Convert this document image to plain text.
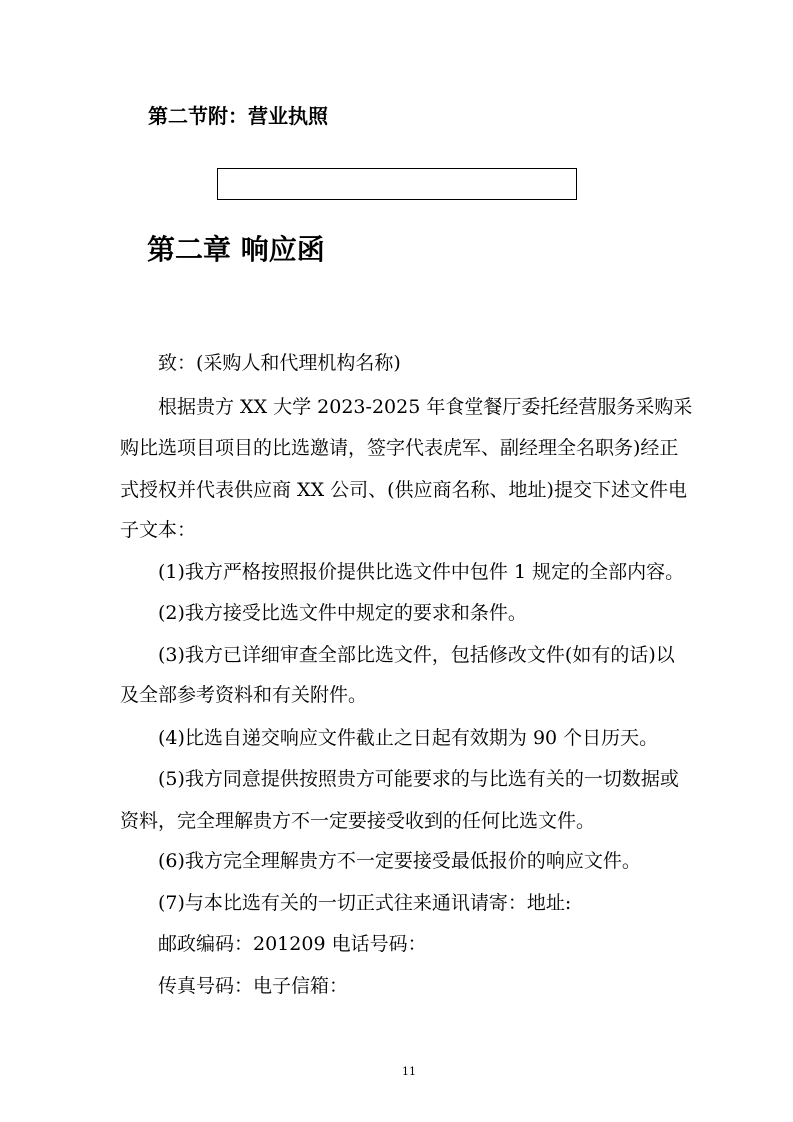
第二节附：营业执照
第二章 响应函
致：(采购人和代理机构名称)
根据贵方 XX 大学 2023-2025 年食堂餐厅委托经营服务采购采
购比选项目项目的比选邀请，签字代表虎军、副经理全名职务)经正
式授权并代表供应商 XX 公司、(供应商名称、地址)提交下述文件电
子文本：
(1)我方严格按照报价提供比选文件中包件 1 规定的全部内容。
(2)我方接受比选文件中规定的要求和条件。
(3)我方已详细审查全部比选文件，包括修改文件(如有的话)以
及全部参考资料和有关附件。
(4)比选自递交响应文件截止之日起有效期为 90 个日历天。
(5)我方同意提供按照贵方可能要求的与比选有关的一切数据或
资料，完全理解贵方不一定要接受收到的任何比选文件。
(6)我方完全理解贵方不一定要接受最低报价的响应文件。
(7)与本比选有关的一切正式往来通讯请寄：地址:
邮政编码：201209 电话号码：
传真号码：电子信箱：
11
